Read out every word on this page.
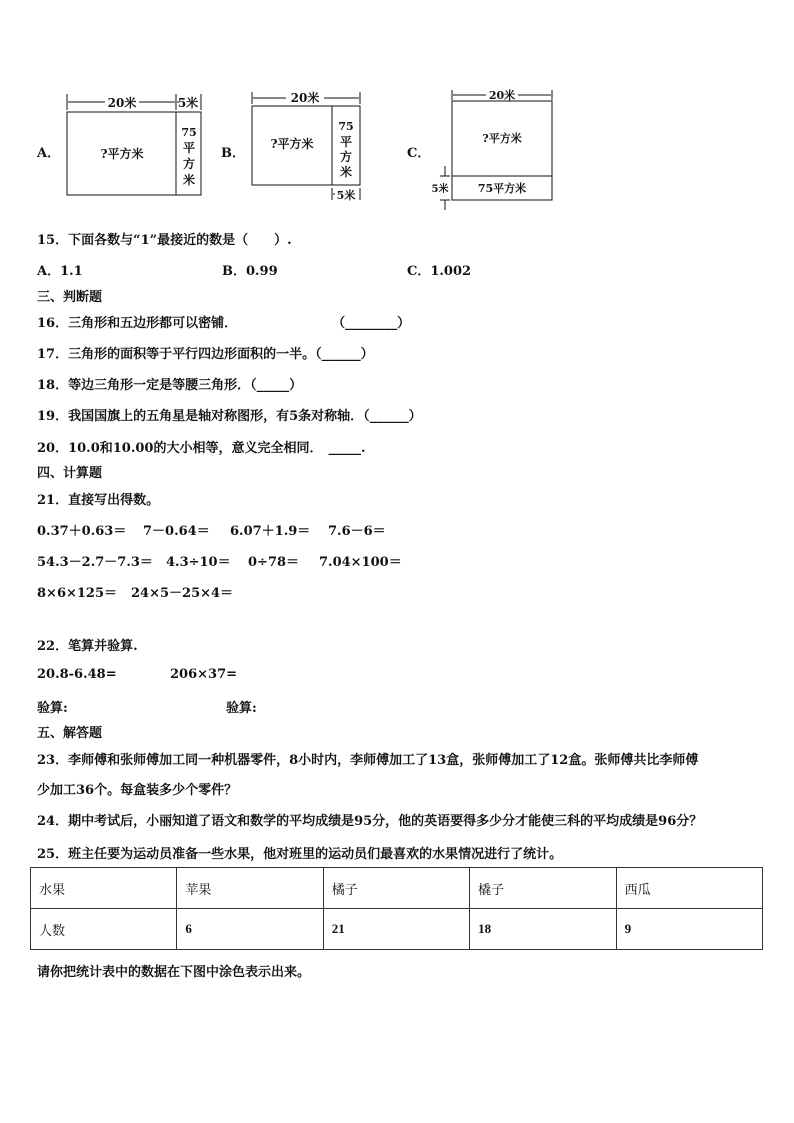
A．
20米	5米
?平方米
75
平
方
米
B．
20米
?平方米
75
平
方
米
5米
C．
20米
?平方米
75平方米
5米
15．下面各数与“1”最接近的数是（　　）.
A．1.1	B．0.99	C．1.002
三、判断题
16．三角形和五边形都可以密铺．	（________）
17．三角形的面积等于平行四边形面积的一半。（______）
18．等边三角形一定是等腰三角形．（_____）
19．我国国旗上的五角星是轴对称图形，有5条对称轴．（______）
20．10.0和10.00的大小相等，意义完全相同． _____.
四、计算题
21．直接写出得数。
0.37＋0.63＝ 7－0.64＝ 6.07＋1.9＝ 7.6－6＝
54.3－2.7－7.3＝ 4.3÷10＝ 0÷78＝ 7.04×100＝
8×6×125＝ 24×5－25×4＝
22．笔算并验算.
20.8-6.48=	206×37=
验算:	验算:
五、解答题
23．李师傅和张师傅加工同一种机器零件，8小时内，李师傅加工了13盒，张师傅加工了12盒。张师傅共比李师傅
少加工36个。每盒装多少个零件？
24．期中考试后，小丽知道了语文和数学的平均成绩是95分，他的英语要得多少分才能使三科的平均成绩是96分？
25．班主任要为运动员准备一些水果，他对班里的运动员们最喜欢的水果情况进行了统计。
水果	苹果	橘子	橇子	西瓜
人数	6	21	18	9
请你把统计表中的数据在下图中涂色表示出来。
